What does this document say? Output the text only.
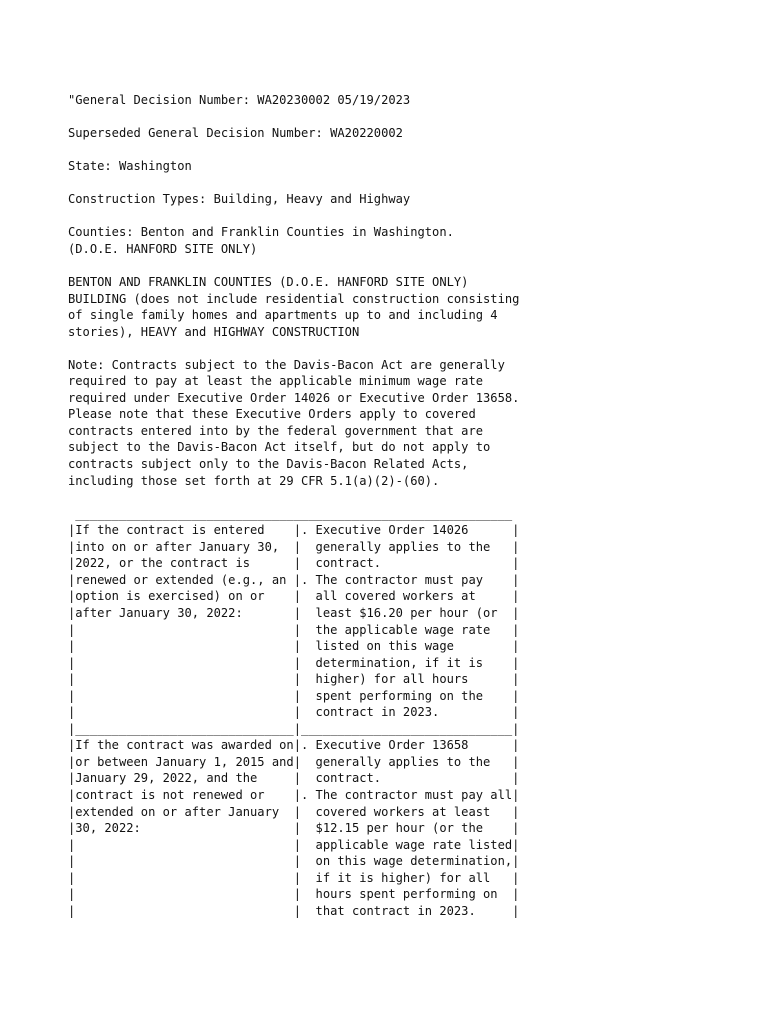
"General Decision Number: WA20230002 05/19/2023
Superseded General Decision Number: WA20220002
State: Washington
Construction Types: Building, Heavy and Highway
Counties: Benton and Franklin Counties in Washington.
(D.O.E. HANFORD SITE ONLY)
BENTON AND FRANKLIN COUNTIES (D.O.E. HANFORD SITE ONLY)
BUILDING (does not include residential construction consisting
of single family homes and apartments up to and including 4
stories), HEAVY and HIGHWAY CONSTRUCTION
Note: Contracts subject to the Davis-Bacon Act are generally
required to pay at least the applicable minimum wage rate
required under Executive Order 14026 or Executive Order 13658.
Please note that these Executive Orders apply to covered
contracts entered into by the federal government that are
subject to the Davis-Bacon Act itself, but do not apply to
contracts subject only to the Davis-Bacon Related Acts,
including those set forth at 29 CFR 5.1(a)(2)-(60).
____________________________________________________________
|If the contract is entered    |. Executive Order 14026      |
|into on or after January 30,  |  generally applies to the   |
|2022, or the contract is      |  contract.                  |
|renewed or extended (e.g., an |. The contractor must pay    |
|option is exercised) on or    |  all covered workers at     |
|after January 30, 2022:       |  least $16.20 per hour (or  |
|                              |  the applicable wage rate   |
|                              |  listed on this wage        |
|                              |  determination, if it is    |
|                              |  higher) for all hours      |
|                              |  spent performing on the    |
|                              |  contract in 2023.          |
|______________________________|_____________________________|
|If the contract was awarded on|. Executive Order 13658      |
|or between January 1, 2015 and|  generally applies to the   |
|January 29, 2022, and the     |  contract.                  |
|contract is not renewed or    |. The contractor must pay all|
|extended on or after January  |  covered workers at least   |
|30, 2022:                     |  $12.15 per hour (or the    |
|                              |  applicable wage rate listed|
|                              |  on this wage determination,|
|                              |  if it is higher) for all   |
|                              |  hours spent performing on  |
|                              |  that contract in 2023.     |
